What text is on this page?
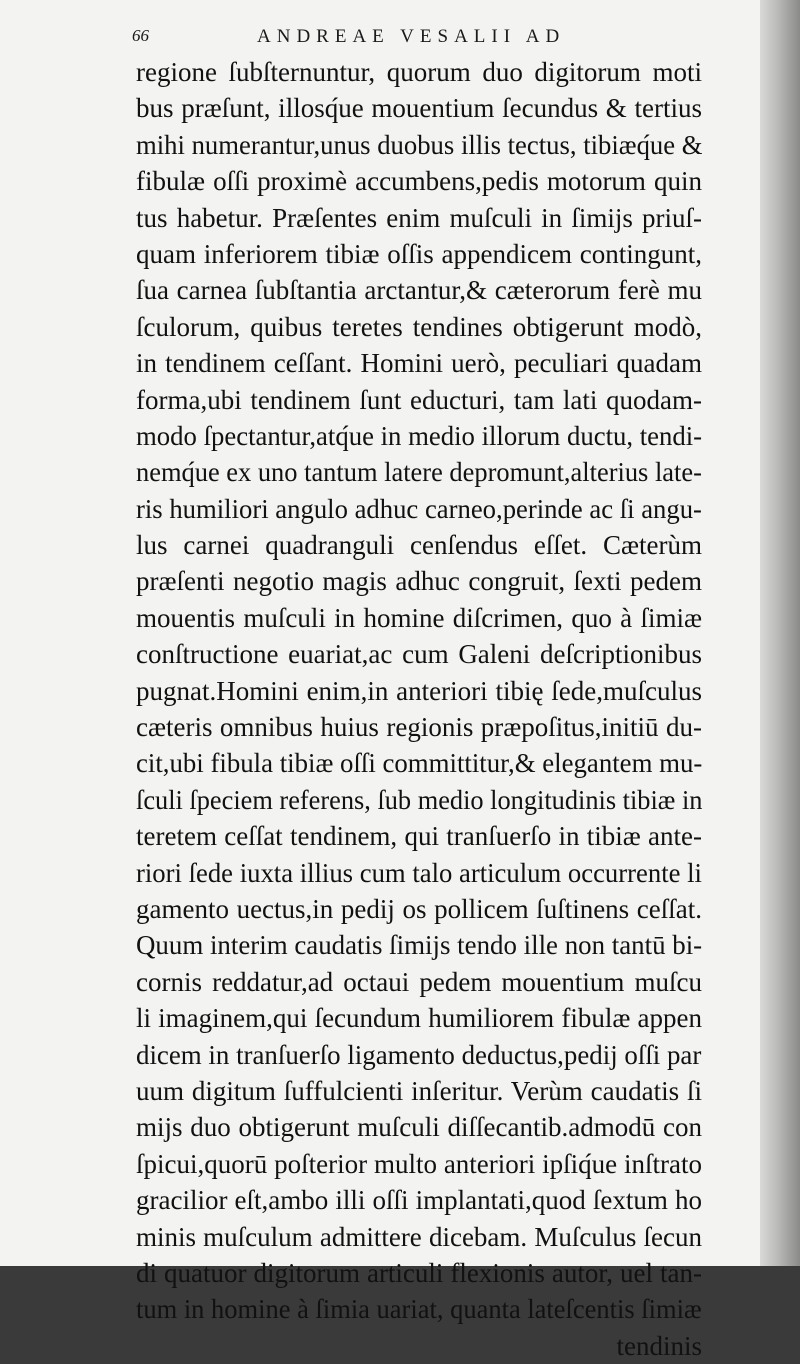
66	ANDREAE VESALII AD
regione ſubſternuntur, quorum duo digitorum moti
bus præſunt, illosq́ue mouentium ſecundus & tertius
mihi numerantur,unus duobus illis tectus, tibiæq́ue &
fibulæ oſſi proximè accumbens,pedis motorum quin
tus habetur. Præſentes enim muſculi in ſimijs priuſ-
quam inferiorem tibiæ oſſis appendicem contingunt,
ſua carnea ſubſtantia arctantur,& cæterorum ferè mu
ſculorum, quibus teretes tendines obtigerunt modò,
in tendinem ceſſant. Homini uerò, peculiari quadam
forma,ubi tendinem ſunt educturi, tam lati quodam-
modo ſpectantur,atq́ue in medio illorum ductu, tendi-
nemq́ue ex uno tantum latere depromunt,alterius late-
ris humiliori angulo adhuc carneo,perinde ac ſi angu-
lus carnei quadranguli cenſendus eſſet. Cæterùm
præſenti negotio magis adhuc congruit, ſexti pedem
mouentis muſculi in homine diſcrimen, quo à ſimiæ
conſtructione euariat,ac cum Galeni deſcriptionibus
pugnat.Homini enim,in anteriori tibię ſede,muſculus
cæteris omnibus huius regionis præpoſitus,initiū du-
cit,ubi fibula tibiæ oſſi committitur,& elegantem mu-
ſculi ſpeciem referens, ſub medio longitudinis tibiæ in
teretem ceſſat tendinem, qui tranſuerſo in tibiæ ante-
riori ſede iuxta illius cum talo articulum occurrente li
gamento uectus,in pedij os pollicem ſuſtinens ceſſat.
Quum interim caudatis ſimijs tendo ille non tantū bi-
cornis reddatur,ad octaui pedem mouentium muſcu
li imaginem,qui ſecundum humiliorem fibulæ appen
dicem in tranſuerſo ligamento deductus,pedij oſſi par
uum digitum ſuffulcienti inſeritur. Verùm caudatis ſi
mijs duo obtigerunt muſculi diſſecantib.admodū con
ſpicui,quorū poſterior multo anteriori ipſiq́ue inſtrato
gracilior eſt,ambo illi oſſi implantati,quod ſextum ho
minis muſculum admittere dicebam. Muſculus ſecun
di quatuor digitorum articuli flexionis autor, uel tan-
tum in homine à ſimia uariat, quanta lateſcentis ſimiæ
tendinis
